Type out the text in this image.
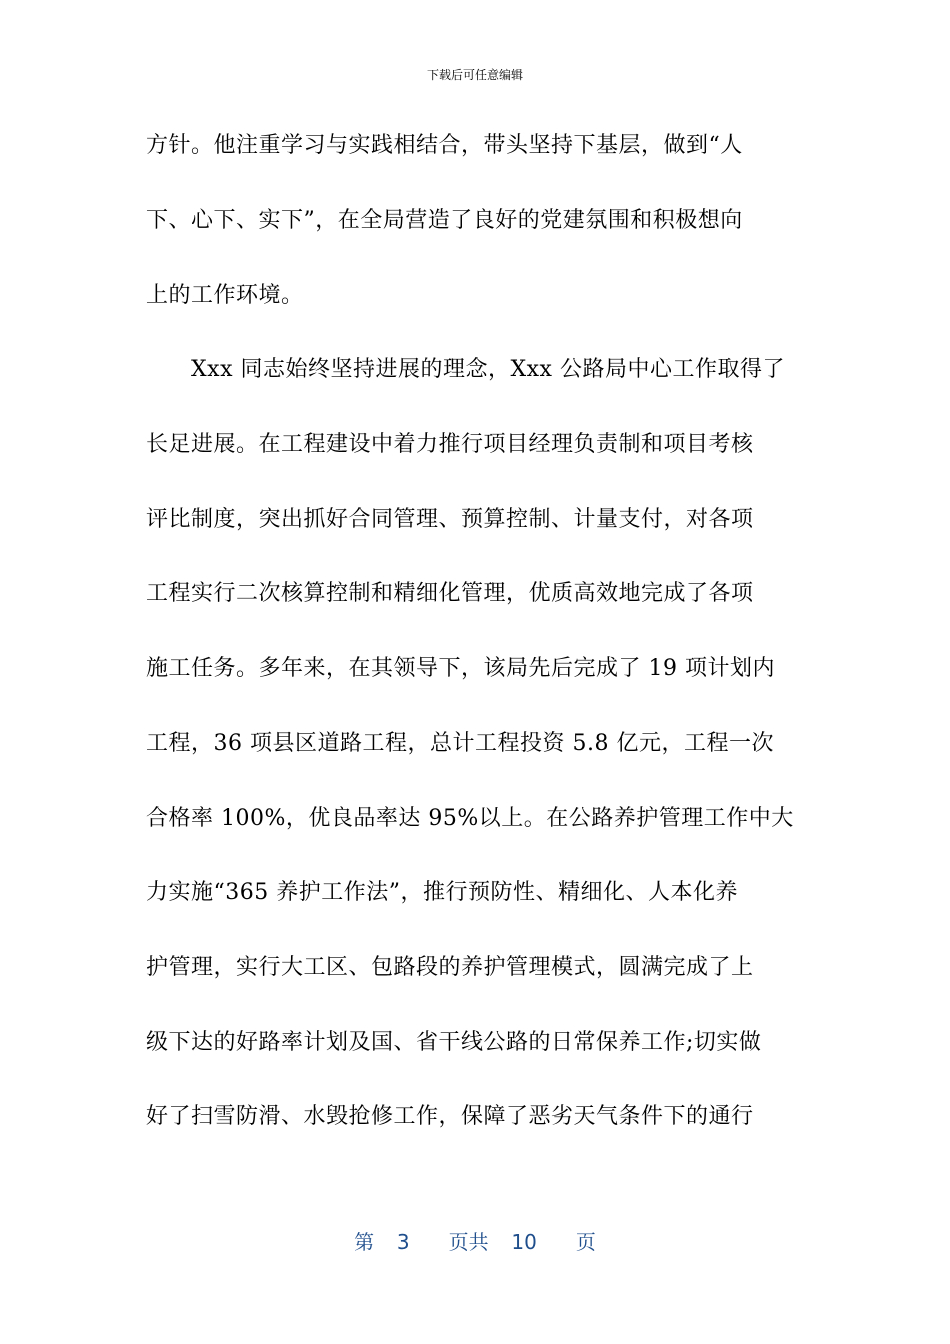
下载后可任意编辑
方针。他注重学习与实践相结合，带头坚持下基层，做到“人
下、心下、实下”，在全局营造了良好的党建氛围和积极想向
上的工作环境。
　　Xxx 同志始终坚持进展的理念，Xxx 公路局中心工作取得了
长足进展。在工程建设中着力推行项目经理负责制和项目考核
评比制度，突出抓好合同管理、预算控制、计量支付，对各项
工程实行二次核算控制和精细化管理，优质高效地完成了各项
施工任务。多年来，在其领导下，该局先后完成了 19 项计划内
工程，36 项县区道路工程，总计工程投资 5.8 亿元，工程一次
合格率 100%，优良品率达 95%以上。在公路养护管理工作中大
力实施“365 养护工作法”，推行预防性、精细化、人本化养
护管理，实行大工区、包路段的养护管理模式，圆满完成了上
级下达的好路率计划及国、省干线公路的日常保养工作;切实做
好了扫雪防滑、水毁抢修工作，保障了恶劣天气条件下的通行
第 3 页共 10 页
